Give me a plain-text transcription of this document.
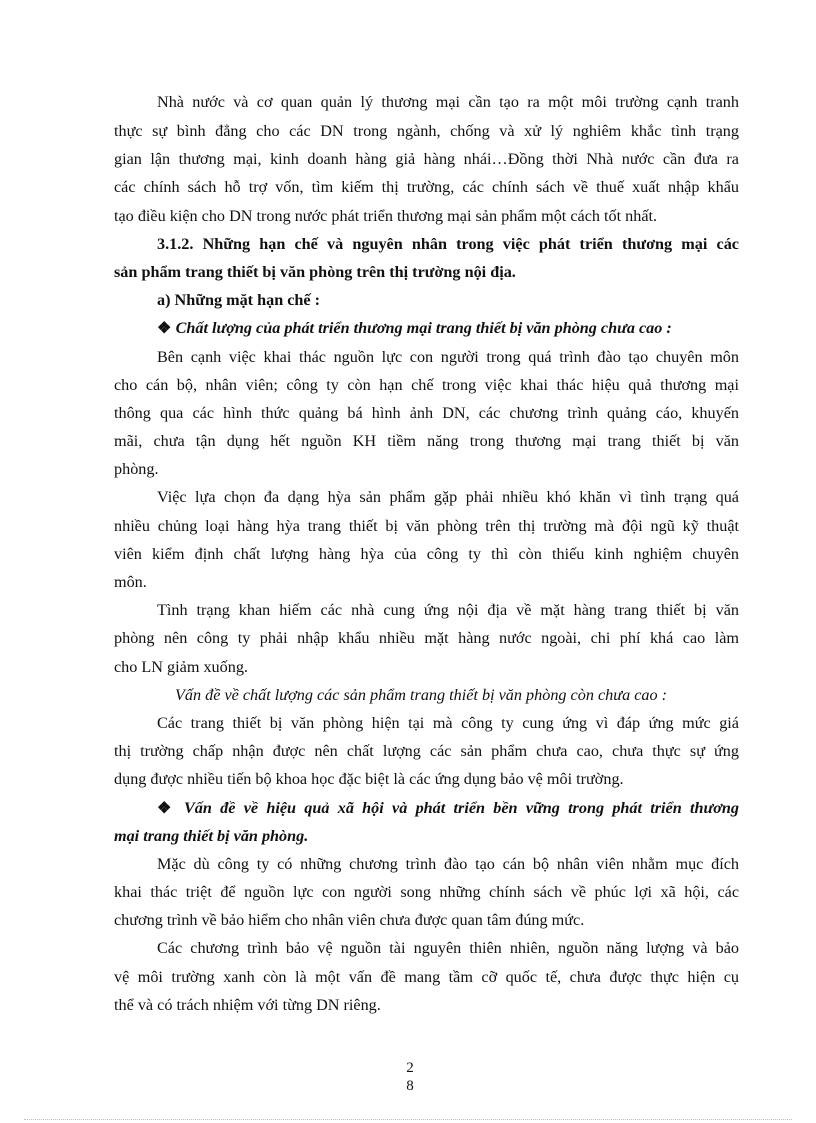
Nhà nước và cơ quan quản lý thương mại cần tạo ra một môi trường cạnh tranh
thực sự bình đẳng cho các DN trong ngành, chống và xử lý nghiêm khắc tình trạng
gian lận thương mại, kinh doanh hàng giả hàng nhái…Đồng thời Nhà nước cần đưa ra
các chính sách hỗ trợ vốn, tìm kiếm thị trường, các chính sách về thuế xuất nhập khẩu
tạo điều kiện cho DN trong nước phát triển thương mại sản phẩm một cách tốt nhất.
3.1.2. Những hạn chế và nguyên nhân trong việc phát triển thương mại các
sản phẩm trang thiết bị văn phòng trên thị trường nội địa.
a) Những mặt hạn chế :
❖ Chất lượng của phát triển thương mại trang thiết bị văn phòng chưa cao :
Bên cạnh việc khai thác nguồn lực con người trong quá trình đào tạo chuyên môn
cho cán bộ, nhân viên; công ty còn hạn chế trong việc khai thác hiệu quả thương mại
thông qua các hình thức quảng bá hình ảnh DN, các chương trình quảng cáo, khuyến
mãi, chưa tận dụng hết nguồn KH tiềm năng trong thương mại trang thiết bị văn
phòng.
Việc lựa chọn đa dạng hỳa sản phẩm gặp phải nhiều khó khăn vì tình trạng quá
nhiều chủng loại hàng hỳa trang thiết bị văn phòng trên thị trường mà đội ngũ kỹ thuật
viên kiểm định chất lượng hàng hỳa của công ty thì còn thiếu kinh nghiệm chuyên
môn.
Tình trạng khan hiếm các nhà cung ứng nội địa về mặt hàng trang thiết bị văn
phòng nên công ty phải nhập khẩu nhiều mặt hàng nước ngoài, chi phí khá cao làm
cho LN giảm xuống.
Vấn đề về chất lượng các sản phẩm trang thiết bị văn phòng còn chưa cao :
Các trang thiết bị văn phòng hiện tại mà công ty cung ứng vì đáp ứng mức giá
thị trường chấp nhận được nên chất lượng các sản phẩm chưa cao, chưa thực sự ứng
dụng được nhiều tiến bộ khoa học đặc biệt là các ứng dụng bảo vệ môi trường.
❖ Vấn đề về hiệu quả xã hội và phát triển bền vững trong phát triển thương
mại trang thiết bị văn phòng.
Mặc dù công ty có những chương trình đào tạo cán bộ nhân viên nhằm mục đích
khai thác triệt để nguồn lực con người song những chính sách về phúc lợi xã hội, các
chương trình về bảo hiểm cho nhân viên chưa được quan tâm đúng mức.
Các chương trình bảo vệ nguồn tài nguyên thiên nhiên, nguồn năng lượng và bảo
vệ môi trường xanh còn là một vấn đề mang tầm cỡ quốc tế, chưa được thực hiện cụ
thể và có trách nhiệm với từng DN riêng.
2
8
